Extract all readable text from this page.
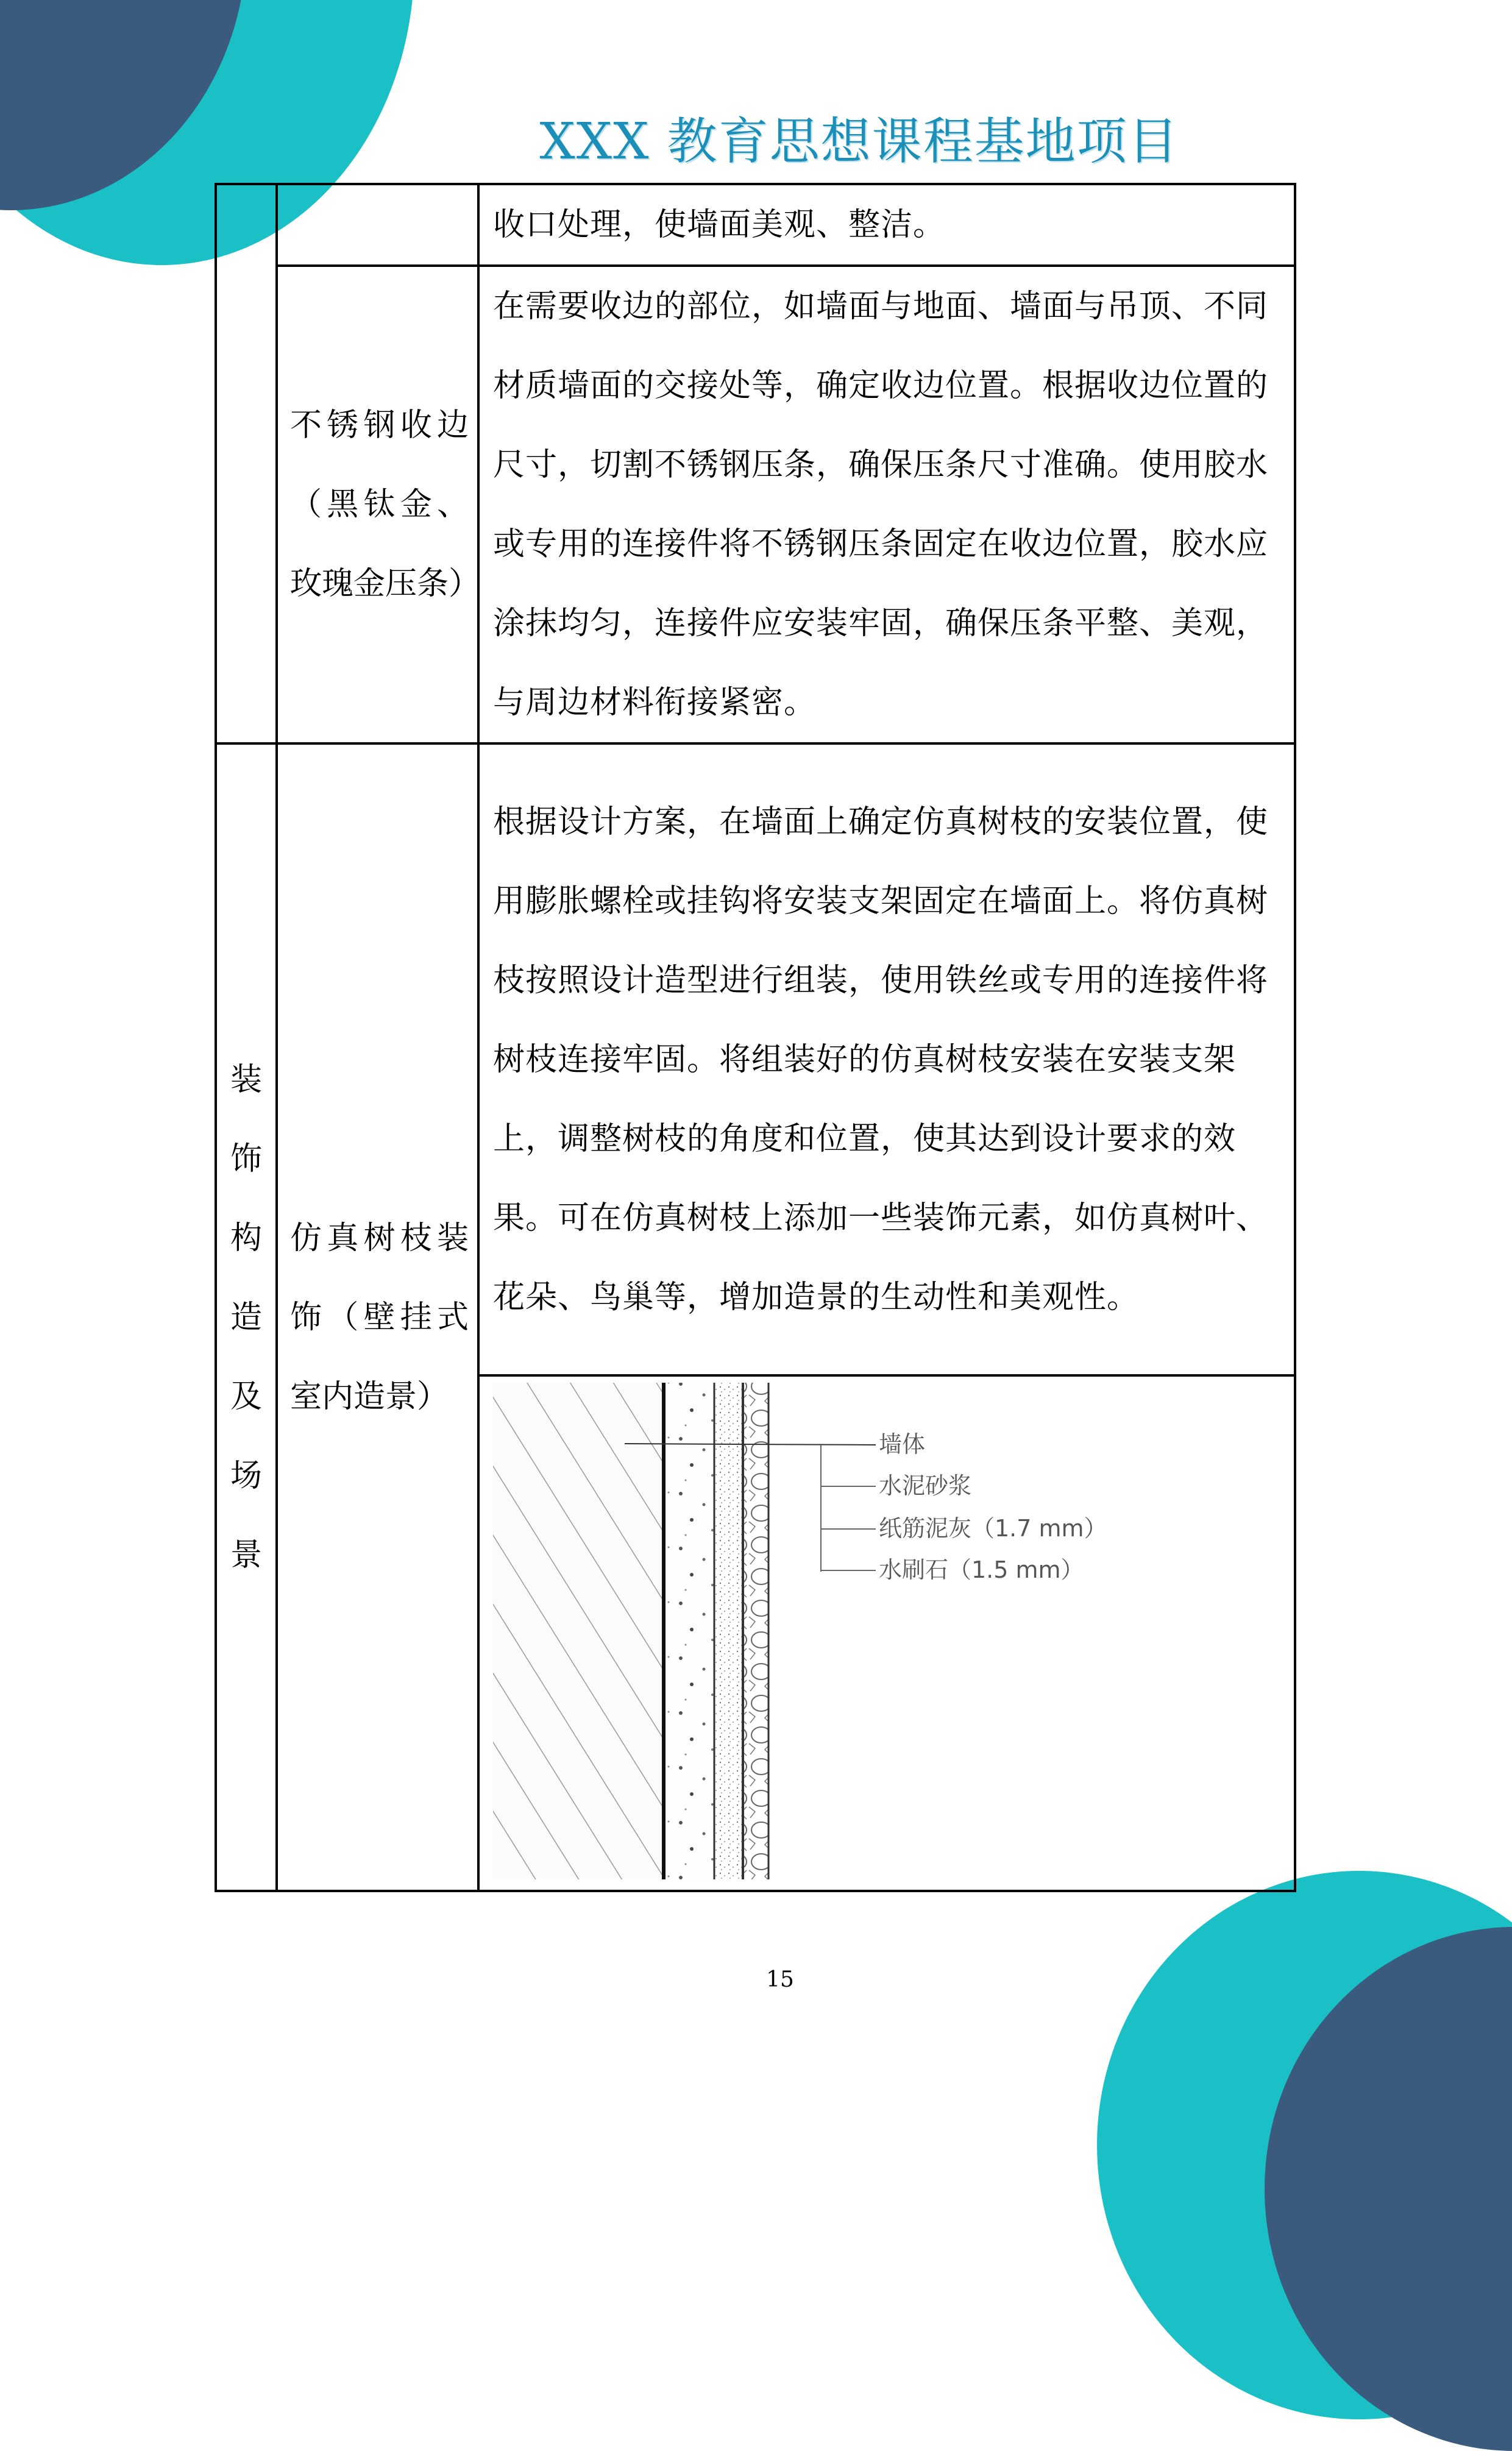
XXX 教育思想课程基地项目

		收口处理，使墙面美观、整洁。

	不锈钢收边（黑钛金、玫瑰金压条）	在需要收边的部位，如墙面与地面、墙面与吊顶、不同材质墙面的交接处等，确定收边位置。根据收边位置的尺寸，切割不锈钢压条，确保压条尺寸准确。使用胶水或专用的连接件将不锈钢压条固定在收边位置，胶水应涂抹均匀，连接件应安装牢固，确保压条平整、美观，与周边材料衔接紧密。

装饰构造及场景	仿真树枝装饰（壁挂式室内造景）	根据设计方案，在墙面上确定仿真树枝的安装位置，使用膨胀螺栓或挂钩将安装支架固定在墙面上。将仿真树枝按照设计造型进行组装，使用铁丝或专用的连接件将树枝连接牢固。将组装好的仿真树枝安装在安装支架上，调整树枝的角度和位置，使其达到设计要求的效果。可在仿真树枝上添加一些装饰元素，如仿真树叶、花朵、鸟巢等，增加造景的生动性和美观性。

		墙体
水泥砂浆
纸筋泥灰（1.7 mm）
水刷石（1.5 mm）
15
